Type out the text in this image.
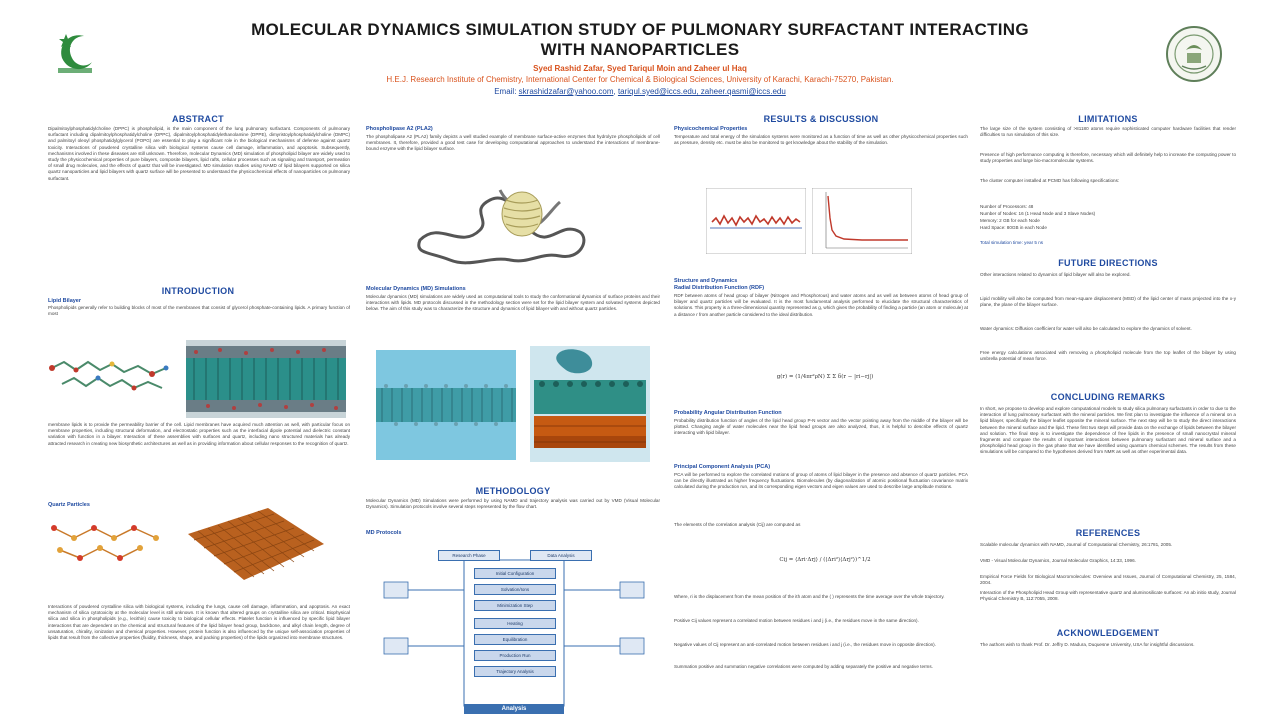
MOLECULAR DYNAMICS SIMULATION STUDY OF PULMONARY SURFACTANT INTERACTING
WITH NANOPARTICLES
Syed Rashid Zafar, Syed Tariqul Moin and Zaheer ul Haq
H.E.J. Research Institute of Chemistry, International Center for Chemical & Biological Sciences, University of Karachi, Karachi-75270, Pakistan.
Email: skrashidzafar@yahoo.com, tariqul.syed@iccs.edu, zaheer.qasmi@iccs.edu
ABSTRACT
Dipalmitoylphosphatidylcholine (DPPC) is phospholipid, is the main component of the lung pulmonary surfactant. Components of pulmonary surfactant including dipalmitoylphosphatidylcholine (DPPC), dipalmitoylphosphatidylethanolamine (DPPE), dimyristoylphosphatidylcholine (DMPC) and palmitoyl oleoyl phosphatidylglycerol (POPG) are essential to play a significant role in the biological mechanisms of defense against quartz toxicity. Interactions of powdered crystalline silica with biological systems cause cell damage, inflammation, and apoptosis. Subsequently, mechanisms involved in these diseases are still unknown. Therefore, molecular Dynamics (MD) simulation of phospholipid bilayer are widely used to study the physicochemical properties of pure bilayers, composite bilayers, lipid rafts, cellular processes such as signaling and transport, permeation of small drug molecules, and the effects of quartz that will be investigated. MD simulation studies using NAMD of lipid bilayers supported on silica quartz nanoparticles and lipid bilayers with quartz surface will be presented to understand the physicochemical effects of nanoparticles on pulmonary surfactant.
INTRODUCTION
Lipid Bilayer
Phospholipids generally refer to building blocks of most of the membranes that consist of glycerol phosphate-containing lipids. A primary function of most
membrane lipids is to provide the permeability barrier of the cell. Lipid membranes have acquired much attention as well, with particular focus on membrane properties, including structural deformation, and electrostatic properties such as the interfacial dipole potential and dielectric constant variation with function in a bilayer. Interaction of these assemblies with surfaces and quartz, including nano structured materials has already attracted research in creating new biosynthetic architectures as well as in providing information about cellular responses to the recognition of quartz.
Quartz Particles
Interactions of powdered crystalline silica with biological systems, including the lungs, cause cell damage, inflammation, and apoptosis. An exact mechanism of silica cytotoxicity at the molecular level is still unknown. It is known that altered groups on crystalline silica are critical. Biophysical silica and silica in phospholipids (e.g., lecithin) cause toxicity to biological cellular effects. Platelet function is influenced by specific lipid bilayer interactions that are dependent on the chemical and structural features of the lipid bilayer head group, backbone, and alkyl chain length, degree of unsaturation, chirality, ionization and chemical properties. However, protein function is also influenced by the unique self-association properties of lipids that result from the collective properties (fluidity, thickness, shape, and packing properties) of the lipids organized into membrane structures.
Phospholipase A2 (PLA2)
The phospholipase A2 (PLA2) family depicts a well studied example of membrane surface-active enzymes that hydrolyze phospholipids of cell membranes. It, therefore, provided a good test case for developing computational approaches to understand the interactions of membrane-bound enzyme with the lipid bilayer surface.
Molecular Dynamics (MD) Simulations
Molecular dynamics (MD) simulations are widely used as computational tools to study the conformational dynamics of surface proteins and their interactions with lipids. MD protocols discussed in the methodology section were set for the lipid bilayer system and solvated systems depicted below. The aim of this study was to characterize the structure and dynamics of lipid bilayer with and without quartz particles.
METHODOLOGY
Molecular Dynamics (MD) Simulations were performed by using NAMD and trajectory analysis was carried out by VMD (Visual Molecular Dynamics). Simulation protocols involve several steps represented by the flow chart.
MD Protocols
Research Phase	Data Analysis
Initial Configuration
Solvation/Ions
Minimization Step
Heating
Equilibration
Production Run
Trajectory Analysis
Analysis
RESULTS & DISCUSSION
Physicochemical Properties
Temperature and total energy of the simulation systems were monitored as a function of time as well as other physicochemical properties such as pressure, density etc. must be also be monitored to get knowledge about the stability of the simulation.
Structure and Dynamics
Radial Distribution Function (RDF)
RDF between atoms of head group of bilayer (Nitrogen and Phosphorous) and water atoms and as well as between atoms of head group of bilayer and quartz particles will be evaluated. It is the most fundamental analysis performed to elucidate the structural characteristics of solutions. This property is a three-dimensional quantity represented as g, which gives the probability of finding a particle (an atom or molecule) at a distance r from another particle considered to the ideal distribution.
g(r) = (1/4πr²ρN) Σ Σ δ(r − |ri−rj|)
Probability Angular Distribution Function
Probability distribution function of angles of the lipid head group P-N vector and the vector pointing away from the middle of the bilayer will be plotted. Changing angle of water molecules near the lipid head groups are also analyzed, thus, it is helpful to describe effects of quartz interacting with lipid bilayer.
Principal Component Analysis (PCA)
PCA will be performed to explore the correlated motions of group of atoms of lipid bilayer in the presence and absence of quartz particles. PCA can be directly illustrated as higher frequency fluctuations. Biomolecules (by diagonalization of atomic positional fluctuation covariance matrix calculated during the production run, and its corresponding eigen vectors and eigen values are used to describe large amplitude motions.
The elements of the correlation analysis (Cij) are computed as
Cij = ⟨Δri·Δrj⟩ / (⟨Δri²⟩⟨Δrj²⟩)^1/2
Where, ri is the displacement from the mean position of the ith atom and the ( ) represents the time average over the whole trajectory.
Positive Cij values represent a correlated motion between residues i and j (i.e., the residues move in the same direction).
Negative values of Cij represent an anti-correlated motion between residues i and j (i.e., the residues move in opposite direction).
Summation positive and summation negative correlations were computed by adding separately the positive and negative terms.
LIMITATIONS
The large size of the system consisting of >81180 atoms require sophisticated computer hardware facilities that render difficulties to run simulation of this size.
Presence of high performance computing is therefore, necessary which will definitely help to increase the computing power to study properties and large bio-macromolecular systems.
The cluster computer installed at PCMD has following specifications:
Number of Processors: 48
Number of Nodes: 16 (1 Head Node and 3 Slave Nodes)
Memory: 2 GB for each Node
Hard Space: 80GB in each Node
Total simulation time: year 5 ns
FUTURE DIRECTIONS
Other interactions related to dynamics of lipid bilayer will also be explored.
Lipid mobility will also be computed from mean-square displacement (MSD) of the lipid center of mass projected into the x-y plane, the plane of the bilayer surface.
Water dynamics: Diffusion coefficient for water will also be calculated to explore the dynamics of solvent.
Free energy calculations associated with removing a phospholipid molecule from the top leaflet of the bilayer by using umbrella potential of mean force.
CONCLUDING REMARKS
In short, we propose to develop and explore computational models to study silica pulmonary surfactants in order to due to the interaction of lung pulmonary surfactant with the mineral particles. We first plan to investigate the influence of a mineral on a lipid bilayer, specifically the bilayer leaflet opposite the mineral surface. The next step will be to study the direct interactions between the mineral surface and the lipid. These first two steps will provide data on the exchange of lipids between the bilayer and solution. The final step is to investigate the dependence of free lipids in the presence of small nanocrystal mineral fragments and compare the results of important interactions between pulmonary surfactant and mineral surface and a phospholipid head group in the gas phase that we have identified using quantum chemical schemes. The results from these simulations will be compared to the hypotheses derived from NMR as well as other experimental data.
REFERENCES
Scalable molecular dynamics with NAMD, Journal of Computational Chemistry, 26:1781, 2005.
VMD - Visual Molecular Dynamics, Journal Molecular Graphics, 14:33, 1996.
Empirical Force Fields for Biological Macromolecules: Overview and Issues, Journal of Computational Chemistry, 25, 1584, 2004.
Interaction of the Phospholipid Head Group with representative quartz and aluminosilicate surfaces: An ab initio study, Journal Physical Chemistry B, 112:7055, 2008.
ACKNOWLEDGEMENT
The authors wish to thank Prof. Dr. Jeffry D. Madura, Duquesne University, USA for insightful discussions.
